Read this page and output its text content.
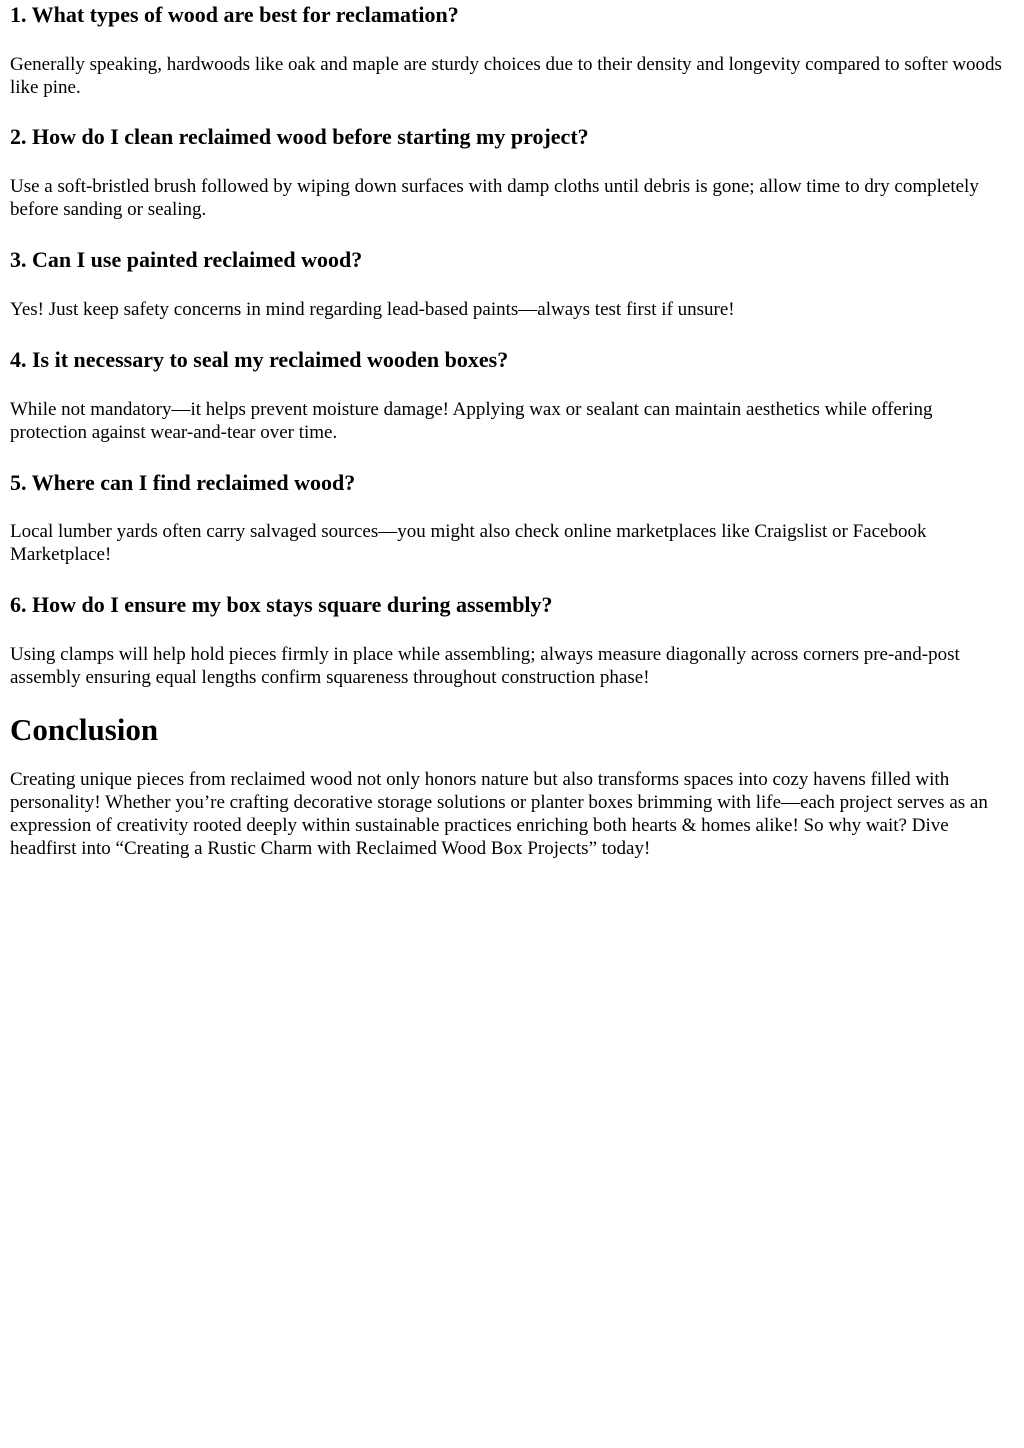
1. What types of wood are best for reclamation?

Generally speaking, hardwoods like oak and maple are sturdy choices due to their density and longevity compared to softer woods like pine.

2. How do I clean reclaimed wood before starting my project?

Use a soft-bristled brush followed by wiping down surfaces with damp cloths until debris is gone; allow time to dry completely before sanding or sealing.

3. Can I use painted reclaimed wood?

Yes! Just keep safety concerns in mind regarding lead-based paints—always test first if unsure!

4. Is it necessary to seal my reclaimed wooden boxes?

While not mandatory—it helps prevent moisture damage! Applying wax or sealant can maintain aesthetics while offering protection against wear-and-tear over time.

5. Where can I find reclaimed wood?

Local lumber yards often carry salvaged sources—you might also check online marketplaces like Craigslist or Facebook Marketplace!

6. How do I ensure my box stays square during assembly?

Using clamps will help hold pieces firmly in place while assembling; always measure diagonally across corners pre-and-post assembly ensuring equal lengths confirm squareness throughout construction phase!

Conclusion

Creating unique pieces from reclaimed wood not only honors nature but also transforms spaces into cozy havens filled with personality! Whether you’re crafting decorative storage solutions or planter boxes brimming with life—each project serves as an expression of creativity rooted deeply within sustainable practices enriching both hearts & homes alike! So why wait? Dive headfirst into “Creating a Rustic Charm with Reclaimed Wood Box Projects” today!
